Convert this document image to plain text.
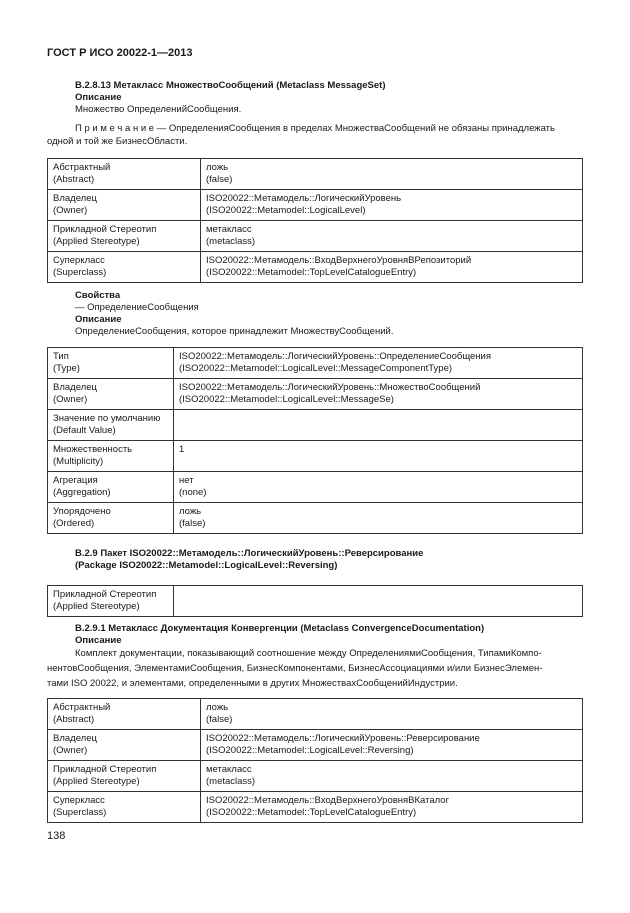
ГОСТ Р ИСО 20022-1—2013
B.2.8.13 Метакласс МножествоСообщений (Metaclass MessageSet)
Описание
Множество ОпределенийСообщения.
П р и м е ч а н и е — ОпределенияСообщения в пределах МножестваСообщений не обязаны принадлежать
одной и той же БизнесОбласти.
Абстрактный
(Abstract)	ложь
(false)

Владелец
(Owner)	ISO20022::Метамодель::ЛогическийУровень
(ISO20022::Metamodel::LogicalLevel)

Прикладной Стереотип
(Applied Stereotype)	метакласс
(metaclass)

Суперкласс
(Superclass)	ISO20022::Метамодель::ВходВерхнегоУровняВРепозиторий
(ISO20022::Metamodel::TopLevelCatalogueEntry)
Свойства
— ОпределениеСообщения
Описание
ОпределениеСообщения, которое принадлежит МножествуСообщений.
Тип
(Type)	ISO20022::Метамодель::ЛогическийУровень::ОпределениеСообщения
(ISO20022::Metamodel::LogicalLevel::MessageComponentType)

Владелец
(Owner)	ISO20022::Метамодель::ЛогическийУровень::МножествоСообщений
(ISO20022::Metamodel::LogicalLevel::MessageSe)

Значение по умолчанию
(Default Value)

Множественность
(Multiplicity)	1

Агрегация
(Aggregation)	нет
(none)

Упорядочено
(Ordered)	ложь
(false)
B.2.9 Пакет ISO20022::Метамодель::ЛогическийУровень::Реверсирование
(Package ISO20022::Metamodel::LogicalLevel::Reversing)
Прикладной Стереотип
(Applied Stereotype)

B.2.9.1 Метакласс Документация Конвергенции (Metaclass ConvergenceDocumentation)
Описание
Комплект документации, показывающий соотношение между ОпределениямиСообщения, ТипамиКомпо-
нентовСообщения, ЭлементамиСообщения, БизнесКомпонентами, БизнесАссоциациями и/или БизнесЭлемен-
тами ISO 20022, и элементами, определенными в других МножествахСообщенийИндустрии.
Абстрактный
(Abstract)	ложь
(false)

Владелец
(Owner)	ISO20022::Метамодель::ЛогическийУровень::Реверсирование
(ISO20022::Metamodel::LogicalLevel::Reversing)

Прикладной Стереотип
(Applied Stereotype)	метакласс
(metaclass)

Суперкласс
(Superclass)	ISO20022::Метамодель::ВходВерхнегоУровняВКаталог
(ISO20022::Metamodel::TopLevelCatalogueEntry)
138
